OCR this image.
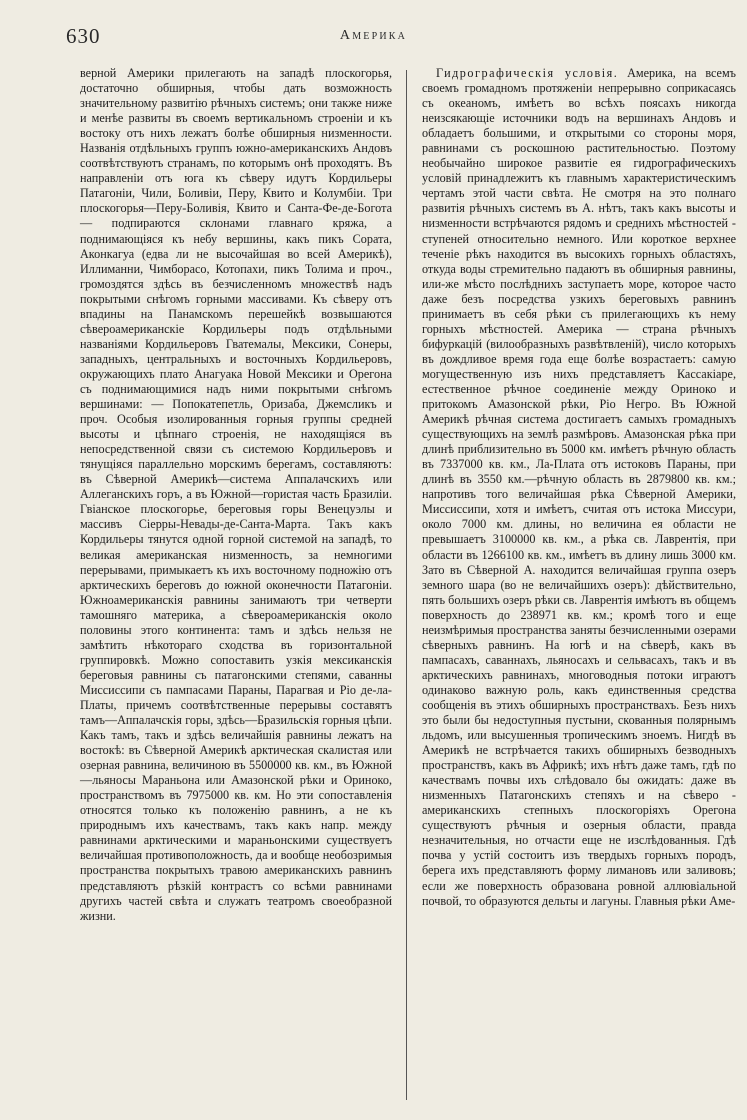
630	Америка
верной Америки прилегають на западѣ плоскогорья, достаточно обширныя, чтобы дать возможность значительному развитію рѣчныхъ системъ; они также ниже и менѣе развиты въ своемъ вертикальномъ строеніи и къ востоку отъ нихъ лежатъ болѣе обширныя низменности. Названія отдѣльныхъ группъ южно-американскихъ Андовъ соотвѣтствуютъ странамъ, по которымъ онѣ проходятъ. Въ направленіи отъ юга къ сѣверу идутъ Кордильеры Патагоніи, Чили, Боливіи, Перу, Квито и Колумбіи. Три плоскогорья—Перу-Боливія, Квито и Санта-Фе-де-Богота — подпираются склонами главнаго кряжа, а поднимающіяся къ небу вершины, какъ пикъ Сората, Аконкагуа (едва ли не высочайшая во всей Америкѣ), Иллиманни, Чимборасо, Котопахи, пикъ Толима и проч., громоздятся здѣсь въ безчисленномъ множествѣ надъ покрытыми снѣгомъ горными массивами. Къ сѣверу отъ впадины на Панамскомъ перешейкѣ возвышаются сѣвероамериканскіе Кордильеры подъ отдѣльными названіями Кордильеровъ Гватемалы, Мексики, Сонеры, западныхъ, центральныхъ и восточныхъ Кордильеровъ, окружающихъ плато Анагуака Новой Мексики и Орегона съ поднимающимися надъ ними покрытыми снѣгомъ вершинами: — Попокатепетль, Оризаба, Джемсликъ и проч. Особыя изолированныя горныя группы средней высоты и цѣпнаго строенія, не находящіяся въ непосредственной связи съ системою Кордильеровъ и тянущіяся параллельно морскимъ берегамъ, составляютъ: въ Сѣверной Америкѣ—система Аппалачскихъ или Аллеганскихъ горъ, а въ Южной—гористая часть Бразиліи. Гвіанское плоскогорье, береговыя горы Венецуэлы и массивъ Сіерры-Невады-де-Санта-Марта. Такъ какъ Кордильеры тянутся одной горной системой на западѣ, то великая американская низменность, за немногими перерывами, примыкаетъ къ ихъ восточному подножію отъ арктическихъ береговъ до южной оконечности Патагоніи. Южноамериканскія равнины занимаютъ три четверти тамошняго материка, а сѣвероамериканскія около половины этого континента: тамъ и здѣсь нельзя не замѣтить нѣкотораго сходства въ горизонтальной группировкѣ. Можно сопоставить узкія мексиканскія береговыя равнины съ патагонскими степями, саванны Миссиссипи съ пампасами Параны, Парагвая и Ріо де-ла-Платы, причемъ соотвѣтственные перерывы составятъ тамъ—Аппалачскія горы, здѣсь—Бразильскія горныя цѣпи. Какъ тамъ, такъ и здѣсь величайшія равнины лежатъ на востокѣ: въ Сѣверной Америкѣ арктическая скалистая или озерная равнина, величиною въ 5500000 кв. км., въ Южной—льяносы Мараньона или Амазонской рѣки и Ориноко, пространствомъ въ 7975000 кв. км. Но эти сопоставленія относятся только къ положенію равнинъ, а не къ природнымъ ихъ качествамъ, такъ какъ напр. между равнинами арктическими и мараньонскими существуетъ величайшая противоположность, да и вообще необозримыя пространства покрытыхъ травою американскихъ равнинъ представляютъ рѣзкій контрастъ со всѣми равнинами другихъ частей свѣта и служатъ театромъ своеобразной жизни.
Гидрографическія условія. Америка, на всемъ своемъ громадномъ протяженіи непрерывно соприкасаясь съ океаномъ, имѣетъ во всѣхъ поясахъ никогда неизсякающіе источники водъ на вершинахъ Андовъ и обладаетъ большими, и открытыми со стороны моря, равнинами съ роскошною растительностью. Поэтому необычайно широкое развитіе ея гидрографическихъ условій принадлежитъ къ главнымъ характеристическимъ чертамъ этой части свѣта. Не смотря на это полнаго развитія рѣчныхъ системъ въ А. нѣтъ, такъ какъ высоты и низменности встрѣчаются рядомъ и среднихъ мѣстностей - ступеней относительно немного. Или короткое верхнее теченіе рѣкъ находится въ высокихъ горныхъ областяхъ, откуда воды стремительно падаютъ въ обширныя равнины, или-же мѣсто послѣднихъ заступаетъ море, которое часто даже безъ посредства узкихъ береговыхъ равнинъ принимаетъ въ себя рѣки съ прилегающихъ къ нему горныхъ мѣстностей. Америка — страна рѣчныхъ бифуркацій (вилообразныхъ развѣтвленій), число которыхъ въ дождливое время года еще болѣе возрастаетъ: самую могущественную изъ нихъ представляетъ Кассакіаре, естественное рѣчное соединеніе между Ориноко и притокомъ Амазонской рѣки, Ріо Негро. Въ Южной Америкѣ рѣчная система достигаетъ самыхъ громадныхъ существующихъ на землѣ размѣровъ. Амазонская рѣка при длинѣ приблизительно въ 5000 км. имѣетъ рѣчную область въ 7337000 кв. км., Ла-Плата отъ истоковъ Параны, при длинѣ въ 3550 км.—рѣчную область въ 2879800 кв. км.; напротивъ того величайшая рѣка Сѣверной Америки, Миссиссипи, хотя и имѣетъ, считая отъ истока Миссури, около 7000 км. длины, но величина ея области не превышаетъ 3100000 кв. км., а рѣка св. Лаврентія, при области въ 1266100 кв. км., имѣетъ въ длину лишь 3000 км. Зато въ Сѣверной А. находится величайшая группа озеръ земного шара (во не величайшихъ озеръ): дѣйствительно, пять большихъ озеръ рѣки св. Лаврентія имѣютъ въ общемъ поверхность до 238971 кв. км.; кромѣ того и еще неизмѣримыя пространства заняты безчисленными озерами сѣверныхъ равнинъ. На югѣ и на сѣверѣ, какъ въ пампасахъ, саваннахъ, льяносахъ и сельвасахъ, такъ и въ арктическихъ равнинахъ, многоводныя потоки играютъ одинаково важную роль, какъ единственныя средства сообщенія въ этихъ обширныхъ пространствахъ. Безъ нихъ это были бы недоступныя пустыни, скованныя полярнымъ льдомъ, или высушенныя тропическимъ зноемъ. Нигдѣ въ Америкѣ не встрѣчается такихъ обширныхъ безводныхъ пространствъ, какъ въ Африкѣ; ихъ нѣтъ даже тамъ, гдѣ по качествамъ почвы ихъ слѣдовало бы ожидать: даже въ низменныхъ Патагонскихъ степяхъ и на сѣверо - американскихъ степныхъ плоскогоріяхъ Орегона существуютъ рѣчныя и озерныя области, правда незначительныя, но отчасти еще не изслѣдованныя. Гдѣ почва у устій состоитъ изъ твердыхъ горныхъ породъ, берега ихъ представляютъ форму лимановъ или заливовъ; если же поверхность образована ровной аллювіальной почвой, то образуются дельты и лагуны. Главныя рѣки Аме-
